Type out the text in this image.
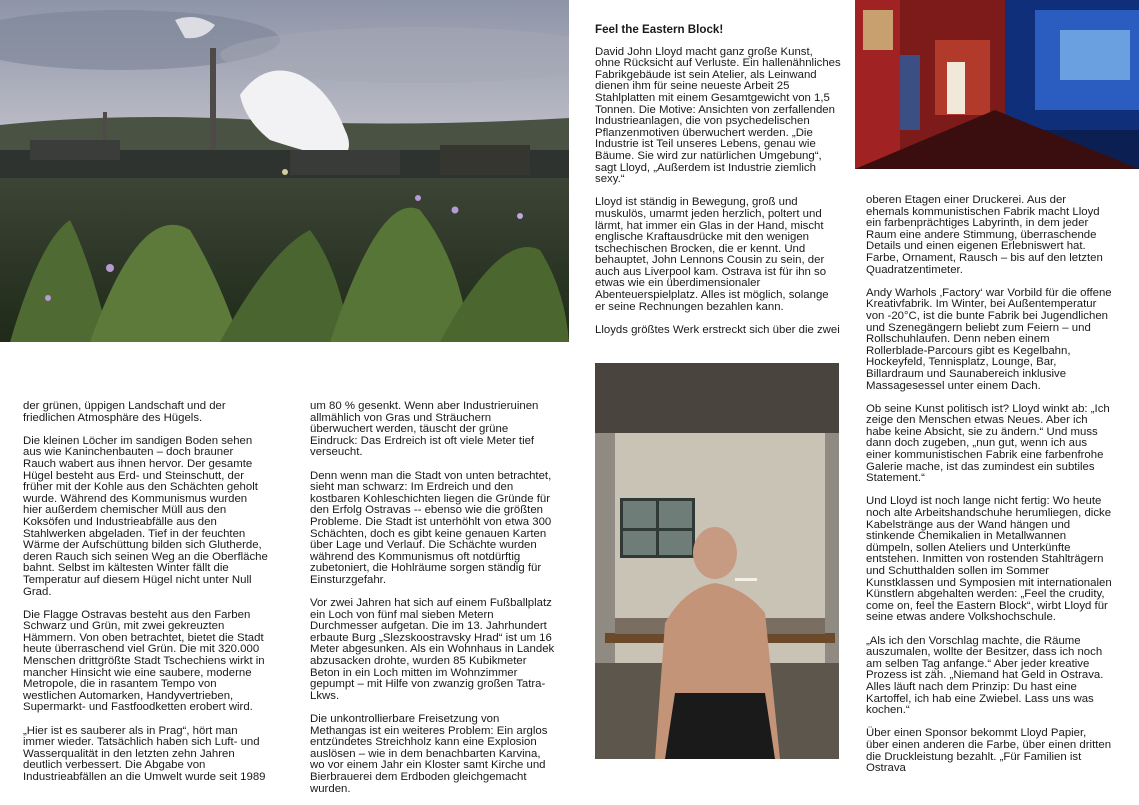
der grünen, üppigen Landschaft und der friedlichen Atmosphäre des Hügels.

Die kleinen Löcher im sandigen Boden sehen aus wie Kaninchenbauten – doch brauner Rauch wabert aus ihnen hervor. Der gesamte Hügel besteht aus Erd- und Steinschutt, der früher mit der Kohle aus den Schächten geholt wurde. Während des Kommunismus wurden hier außerdem chemischer Müll aus den Koksöfen und Industrieabfälle aus den Stahlwerken abgeladen. Tief in der feuchten Wärme der Aufschüttung bilden sich Glutherde, deren Rauch sich seinen Weg an die Oberfläche bahnt. Selbst im kältesten Winter fällt die Temperatur auf diesem Hügel nicht unter Null Grad.

Die Flagge Ostravas besteht aus den Farben Schwarz und Grün, mit zwei gekreuzten Hämmern. Von oben betrachtet, bietet die Stadt heute überraschend viel Grün. Die mit 320.000 Menschen drittgrößte Stadt Tschechiens wirkt in mancher Hinsicht wie eine saubere, moderne Metropole, die in rasantem Tempo von westlichen Automarken, Handyvertrieben, Supermarkt- und Fastfoodketten erobert wird.

„Hier ist es sauberer als in Prag“, hört man immer wieder. Tatsächlich haben sich Luft- und Wasserqualität in den letzten zehn Jahren deutlich verbessert. Die Abgabe von Industrieabfällen an die Umwelt wurde seit 1989

um 80 % gesenkt. Wenn aber Industrieruinen allmählich von Gras und Sträuchern überwuchert werden, täuscht der grüne Eindruck: Das Erdreich ist oft viele Meter tief verseucht.

Denn wenn man die Stadt von unten betrachtet, sieht man schwarz: Im Erdreich und den kostbaren Kohleschichten liegen die Gründe für den Erfolg Ostravas -- ebenso wie die größten Probleme. Die Stadt ist unterhöhlt von etwa 300 Schächten, doch es gibt keine genauen Karten über Lage und Verlauf. Die Schächte wurden während des Kommunismus oft notdürftig zubetoniert, die Hohlräume sorgen ständig für Einsturzgefahr.

Vor zwei Jahren hat sich auf einem Fußballplatz ein Loch von fünf mal sieben Metern Durchmesser aufgetan. Die im 13. Jahrhundert erbaute Burg „Slezskoostravsky Hrad“ ist um 16 Meter abgesunken. Als ein Wohnhaus in Landek abzusacken drohte, wurden 85 Kubikmeter Beton in ein Loch mitten im Wohnzimmer gepumpt – mit Hilfe von zwanzig großen Tatra-Lkws.

Die unkontrollierbare Freisetzung von Methangas ist ein weiteres Problem: Ein arglos entzündetes Streichholz kann eine Explosion auslösen – wie in dem benachbarten Karvina, wo vor einem Jahr ein Kloster samt Kirche und Bierbrauerei dem Erdboden gleichgemacht wurden.

Feel the Eastern Block!

David John Lloyd macht ganz große Kunst, ohne Rücksicht auf Verluste. Ein hallenähnliches Fabrikgebäude ist sein Atelier, als Leinwand dienen ihm für seine neueste Arbeit 25 Stahlplatten mit einem Gesamtgewicht von 1,5 Tonnen. Die Motive: Ansichten von zerfallenden Industrieanlagen, die von psychedelischen Pflanzenmotiven überwuchert werden. „Die Industrie ist Teil unseres Lebens, genau wie Bäume. Sie wird zur natürlichen Umgebung“, sagt Lloyd, „Außerdem ist Industrie ziemlich sexy.“

Lloyd ist ständig in Bewegung, groß und muskulös, umarmt jeden herzlich, poltert und lärmt, hat immer ein Glas in der Hand, mischt englische Kraftausdrücke mit den wenigen tschechischen Brocken, die er kennt. Und behauptet, John Lennons Cousin zu sein, der auch aus Liverpool kam. Ostrava ist für ihn so etwas wie ein überdimensionaler Abenteuerspielplatz. Alles ist möglich, solange er seine Rechnungen bezahlen kann.

Lloyds größtes Werk erstreckt sich über die zwei

oberen Etagen einer Druckerei. Aus der ehemals kommunistischen Fabrik macht Lloyd ein farbenprächtiges Labyrinth, in dem jeder Raum eine andere Stimmung, überraschende Details und einen eigenen Erlebniswert hat. Farbe, Ornament, Rausch – bis auf den letzten Quadratzentimeter.

Andy Warhols ‚Factory‘ war Vorbild für die offene Kreativfabrik. Im Winter, bei Außentemperatur von -20°C, ist die bunte Fabrik bei Jugendlichen und Szenegängern beliebt zum Feiern – und Rollschuhlaufen. Denn neben einem Rollerblade-Parcours gibt es Kegelbahn, Hockeyfeld, Tennisplatz, Lounge, Bar, Billardraum und Saunabereich inklusive Massagesessel unter einem Dach.

Ob seine Kunst politisch ist? Lloyd winkt ab: „Ich zeige den Menschen etwas Neues. Aber ich habe keine Absicht, sie zu ändern.“ Und muss dann doch zugeben, „nun gut, wenn ich aus einer kommunistischen Fabrik eine farbenfrohe Galerie mache, ist das zumindest ein subtiles Statement.“

Und Lloyd ist noch lange nicht fertig: Wo heute noch alte Arbeitshandschuhe herumliegen, dicke Kabelstränge aus der Wand hängen und stinkende Chemikalien in Metallwannen dümpeln, sollen Ateliers und Unterkünfte entstehen. Inmitten von rostenden Stahlträgern und Schutthalden sollen im Sommer Kunstklassen und Symposien mit internationalen Künstlern abgehalten werden: „Feel the crudity, come on, feel the Eastern Block“, wirbt Lloyd für seine etwas andere Volkshochschule.

„Als ich den Vorschlag machte, die Räume auszumalen, wollte der Besitzer, dass ich noch am selben Tag anfange.“ Aber jeder kreative Prozess ist zäh. „Niemand hat Geld in Ostrava. Alles läuft nach dem Prinzip: Du hast eine Kartoffel, ich hab eine Zwiebel. Lass uns was kochen.“

Über einen Sponsor bekommt Lloyd Papier, über einen anderen die Farbe, über einen dritten die Druckleistung bezahlt. „Für Familien ist Ostrava
